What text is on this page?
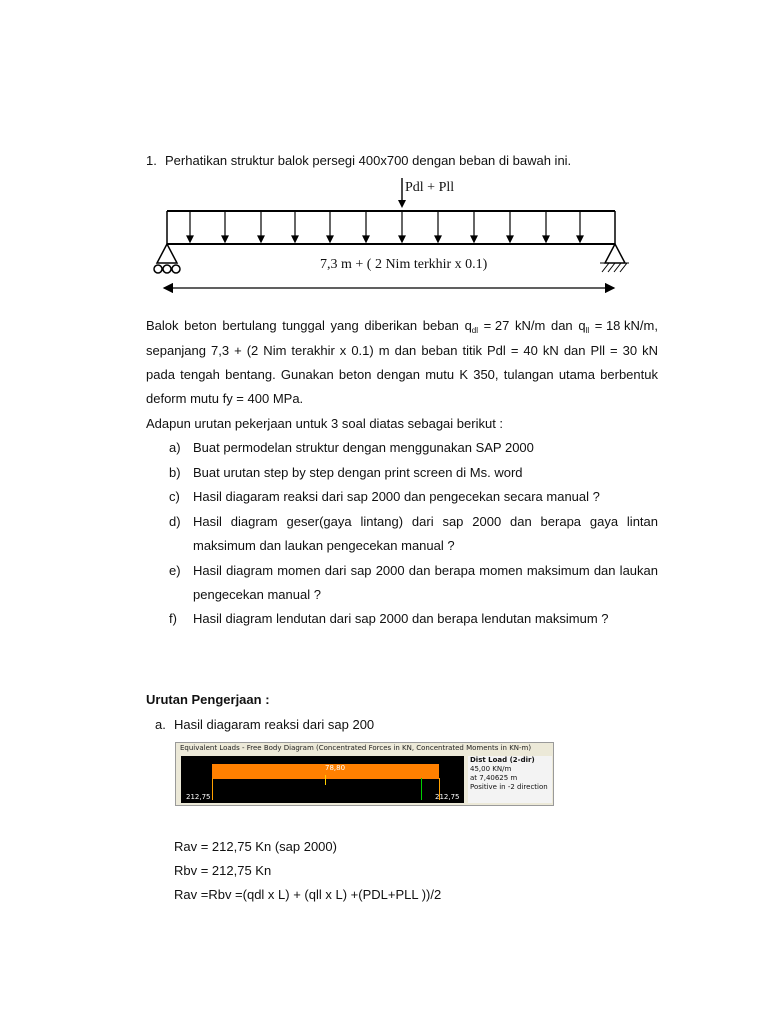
1. Perhatikan struktur balok persegi 400x700 dengan beban di bawah ini.
Pdl + Pll
7,3 m + ( 2 Nim terkhir x 0.1)
Balok beton bertulang tunggal yang diberikan beban $q_{dl} = 27$ kN/m dan $q_{ll} = 18$ kN/m,
sepanjang 7,3 + (2 Nim terakhir x 0.1) m dan beban titik Pdl = 40 kN dan Pll = 30 kN
pada tengah bentang. Gunakan beton dengan mutu K 350, tulangan utama berbentuk
deform mutu fy = 400 MPa.
Adapun urutan pekerjaan untuk 3 soal diatas sebagai berikut :
a) Buat permodelan struktur dengan menggunakan SAP 2000
b) Buat urutan step by step dengan print screen di Ms. word
c) Hasil diagaram reaksi dari sap 2000 dan pengecekan secara manual ?
d) Hasil diagram geser(gaya lintang) dari sap 2000 dan berapa gaya lintan
maksimum dan laukan pengecekan manual ?
e) Hasil diagram momen dari sap 2000 dan berapa momen maksimum dan laukan
pengecekan manual ?
f) Hasil diagram lendutan dari sap 2000 dan berapa lendutan maksimum ?
Urutan Pengerjaan :
a. Hasil diagaram reaksi dari sap 200
Equivalent Loads - Free Body Diagram (Concentrated Forces in KN, Concentrated Moments in KN-m)
78,80
212,75	212,75
Dist Load (2-dir)
45,00 KN/m
at 7,40625 m
Positive in -2 direction
Rav = 212,75 Kn (sap 2000)
Rbv = 212,75 Kn
Rav =Rbv =(qdl x L) + (qll x L) +(PDL+PLL ))/2
